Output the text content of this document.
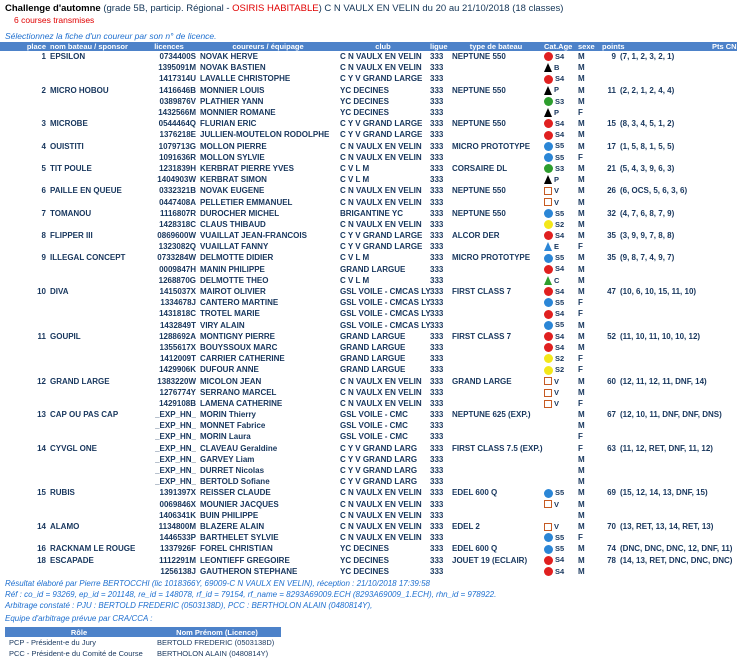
Challenge d'automne (grade 5B, particip. Régional - OSIRIS HABITABLE) C N VAULX EN VELIN du 20 au 21/10/2018 (18 classes)
6 courses transmises
Sélectionnez la fiche d'un coureur par son n° de licence.
place	nom bateau / sponsor	licences	coureurs / équipage	club	ligue	type de bateau	Cat.Age	sexe	points	Pts CNI
1	EPSILON	0734400S	NOVAK HERVE	C N VAULX EN VELIN	333	NEPTUNE 550	S4	M	9 (7, 1, 2, 3, 2, 1)	
		1395091M	NOVAK BASTIEN	C N VAULX EN VELIN	333		B	M		
		1417314U	LAVALLE CHRISTOPHE	C Y V GRAND LARGE	333		S4	M		
2	MICRO HOBOU	1416646B	MONNIER LOUIS	YC DECINES	333	NEPTUNE 550	P	M	11 (2, 2, 1, 2, 4, 4)	
		0389876V	PLATHIER YANN	YC DECINES	333		S3	M		
		1432566M	MONNIER ROMANE	YC DECINES	333		P	F		
3	MICROBE	0544464Q	FLURIAN ERIC	C Y V GRAND LARGE	333	NEPTUNE 550	S4	M	15 (8, 3, 4, 5, 1, 2)	
		1376218E	JULLIEN-MOUTELON RODOLPHE	C Y V GRAND LARGE	333		S4	M		
4	OUISTITI	1079713G	MOLLON PIERRE	C N VAULX EN VELIN	333	MICRO PROTOTYPE	S5	M	17 (1, 5, 8, 1, 5, 5)	
		1091636R	MOLLON SYLVIE	C N VAULX EN VELIN	333		S5	F		
5	TIT POULE	1231839H	KERBRAT PIERRE YVES	C V L M	333	CORSAIRE DL	S3	M	21 (5, 4, 3, 9, 6, 3)	
		1404903W	KERBRAT SIMON	C V L M	333		P	M		
6	PAILLE EN QUEUE	0332321B	NOVAK EUGENE	C N VAULX EN VELIN	333	NEPTUNE 550	V	M	26 (6, OCS, 5, 6, 3, 6)	
		0447408A	PELLETIER EMMANUEL	C N VAULX EN VELIN	333		V	M		
7	TOMANOU	1116807R	DUROCHER MICHEL	BRIGANTINE YC	333	NEPTUNE 550	S5	M	32 (4, 7, 6, 8, 7, 9)	
		1428318C	CLAUS THIBAUD	C N VAULX EN VELIN	333		S2	M		
8	FLIPPER III	0869600W	VUAILLAT JEAN-FRANCOIS	C Y V GRAND LARGE	333	ALCOR DER	S4	M	35 (3, 9, 9, 7, 8, 8)	
		1323082Q	VUAILLAT FANNY	C Y V GRAND LARGE	333		E	F		
9	ILLEGAL CONCEPT	0733284W	DELMOTTE DIDIER	C V L M	333	MICRO PROTOTYPE	S5	M	35 (9, 8, 7, 4, 9, 7)	
		0009847H	MANIN PHILIPPE	GRAND LARGUE	333		S4	M		
		1268870G	DELMOTTE THEO	C V L M	333		C	M		
10	DIVA	1415037X	MAIROT OLIVIER	GSL VOILE - CMCAS LY	333	FIRST CLASS 7	S4	M	47 (10, 6, 10, 15, 11, 10)	
		1334678J	CANTERO MARTINE	GSL VOILE - CMCAS LY	333		S5	F		
		1431818C	TROTEL MARIE	GSL VOILE - CMCAS LY	333		S4	F		
		1432849T	VIRY ALAIN	GSL VOILE - CMCAS LY	333		S5	M		
11	GOUPIL	1288692A	MONTIGNY PIERRE	GRAND LARGUE	333	FIRST CLASS 7	S4	M	52 (11, 10, 11, 10, 10, 12)	
		1355617X	BOUYSSOUX MARC	GRAND LARGUE	333		S4	M		
		1412009T	CARRIER CATHERINE	GRAND LARGUE	333		S2	F		
		1429906K	DUFOUR ANNE	GRAND LARGUE	333		S2	F		
12	GRAND LARGE	1383220W	MICOLON JEAN	C N VAULX EN VELIN	333	GRAND LARGE	V	M	60 (12, 11, 12, 11, DNF, 14)	
		1276774Y	SERRANO MARCEL	C N VAULX EN VELIN	333		V	M		
		1429108B	LAMENA CATHERINE	C N VAULX EN VELIN	333		V	F		
13	CAP OU PAS CAP	_EXP_HN_	MORIN Thierry	GSL VOILE - CMC	333	NEPTUNE 625 (EXP.)		M	67 (12, 10, 11, DNF, DNF, DNS)	
		_EXP_HN_	MONNET Fabrice	GSL VOILE - CMC	333			M		
		_EXP_HN_	MORIN Laura	GSL VOILE - CMC	333			F		
14	CYVGL ONE	_EXP_HN_	CLAVEAU Geraldine	C Y V GRAND LARG	333	FIRST CLASS 7.5 (EXP.)		F	63 (11, 12, RET, DNF, 11, 12)	
		_EXP_HN_	GARVEY Liam	C Y V GRAND LARG	333			M		
		_EXP_HN_	DURRET Nicolas	C Y V GRAND LARG	333			M		
		_EXP_HN_	BERTOLD Sofiane	C Y V GRAND LARG	333			M		
15	RUBIS	1391397X	REISSER CLAUDE	C N VAULX EN VELIN	333	EDEL 600 Q	S5	M	69 (15, 12, 14, 13, DNF, 15)	
		0069846X	MOUNIER JACQUES	C N VAULX EN VELIN	333		V	M		
		1406341K	BUIN PHILIPPE	C N VAULX EN VELIN	333			M		
14	ALAMO	1134800M	BLAZERE ALAIN	C N VAULX EN VELIN	333	EDEL 2	V	M	70 (13, RET, 13, 14, RET, 13)	
		1446533P	BARTHELET SYLVIE	C N VAULX EN VELIN	333		S5	F		
16	RACKNAM LE ROUGE	1337926F	FOREL CHRISTIAN	YC DECINES	333	EDEL 600 Q	S5	M	74 (DNC, DNC, DNC, 12, DNF, 11)	
18	ESCAPADE	1112291M	LEONTIEFF GREGOIRE	YC DECINES	333	JOUET 19 (ECLAIR)	S4	M	78 (14, 13, RET, DNC, DNC, DNC)	
		1256138J	GAUTHERON STEPHANE	YC DECINES	333		S4	M		
Résultat élaboré par Pierre BERTOCCHI (lic 1018366Y, 69009-C N VAULX EN VELIN), réception : 21/10/2018 17:39:58
Réf : co_id = 93269, ep_id = 201148, re_id = 148078, rf_id = 79154, rf_name = 8293A69009.ECH (8293A69009_1.ECH), rhn_id = 978922.
Arbitrage constaté : PJU : BERTOLD FREDERIC (0503138D), PCC : BERTHOLON ALAIN (0480814Y),
Equipe d'arbitrage prévue par CRA/CCA :
Rôle	Nom Prénom (Licence)
PCP - Président-e du Jury	BERTOLD FREDERIC (0503138D)
PCC - Président-e du Comité de Course	BERTHOLON ALAIN (0480814Y)
